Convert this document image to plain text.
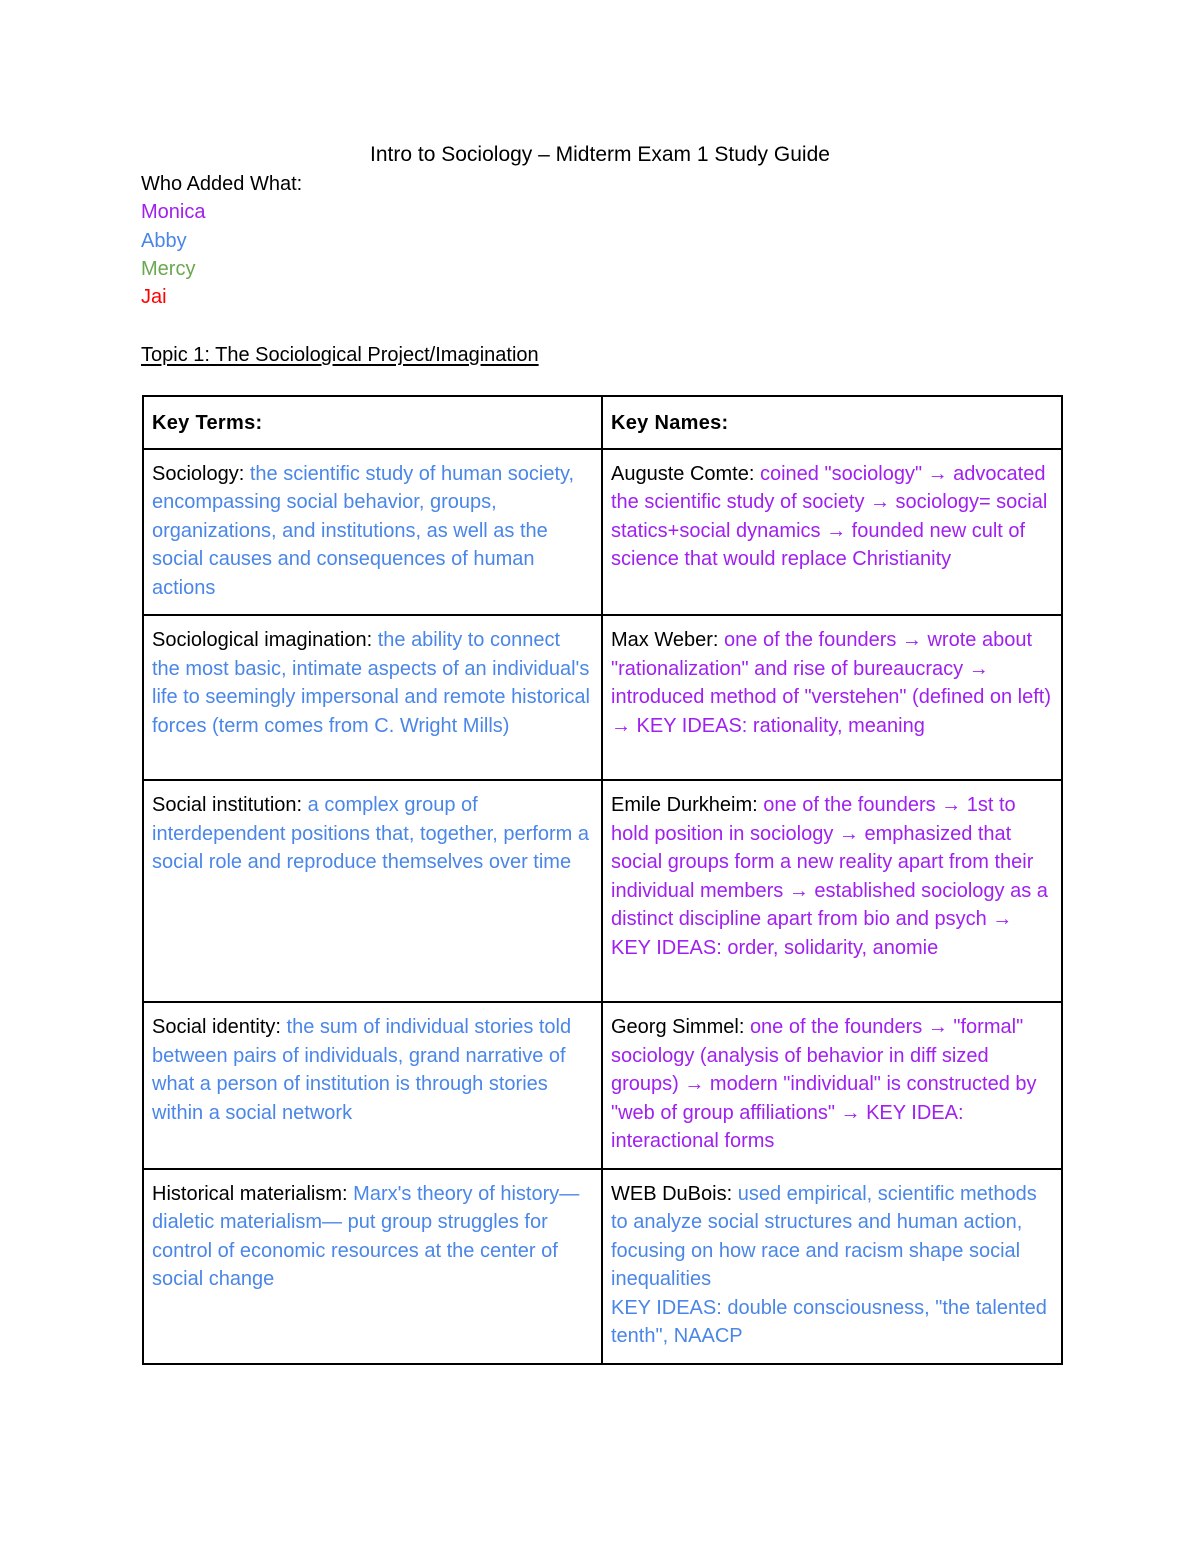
Intro to Sociology – Midterm Exam 1 Study Guide
Who Added What:
Monica
Abby
Mercy
Jai
Topic 1: The Sociological Project/Imagination
Key Terms:	Key Names:
Sociology: the scientific study of human society, encompassing social behavior, groups, organizations, and institutions, as well as the social causes and consequences of human actions	Auguste Comte: coined "sociology" → advocated the scientific study of society → sociology= social statics+social dynamics → founded new cult of science that would replace Christianity
Sociological imagination: the ability to connect the most basic, intimate aspects of an individual's life to seemingly impersonal and remote historical forces (term comes from C. Wright Mills)	Max Weber: one of the founders → wrote about "rationalization" and rise of bureaucracy → introduced method of "verstehen" (defined on left) → KEY IDEAS: rationality, meaning
Social institution: a complex group of interdependent positions that, together, perform a social role and reproduce themselves over time	Emile Durkheim: one of the founders → 1st to hold position in sociology → emphasized that social groups form a new reality apart from their individual members → established sociology as a distinct discipline apart from bio and psych → KEY IDEAS: order, solidarity, anomie
Social identity: the sum of individual stories told between pairs of individuals, grand narrative of what a person of institution is through stories within a social network	Georg Simmel: one of the founders → "formal" sociology (analysis of behavior in diff sized groups) → modern "individual" is constructed by "web of group affiliations" → KEY IDEA: interactional forms
Historical materialism: Marx's theory of history—dialetic materialism— put group struggles for control of economic resources at the center of social change	WEB DuBois: used empirical, scientific methods to analyze social structures and human action, focusing on how race and racism shape social inequalities
KEY IDEAS: double consciousness, "the talented tenth", NAACP
